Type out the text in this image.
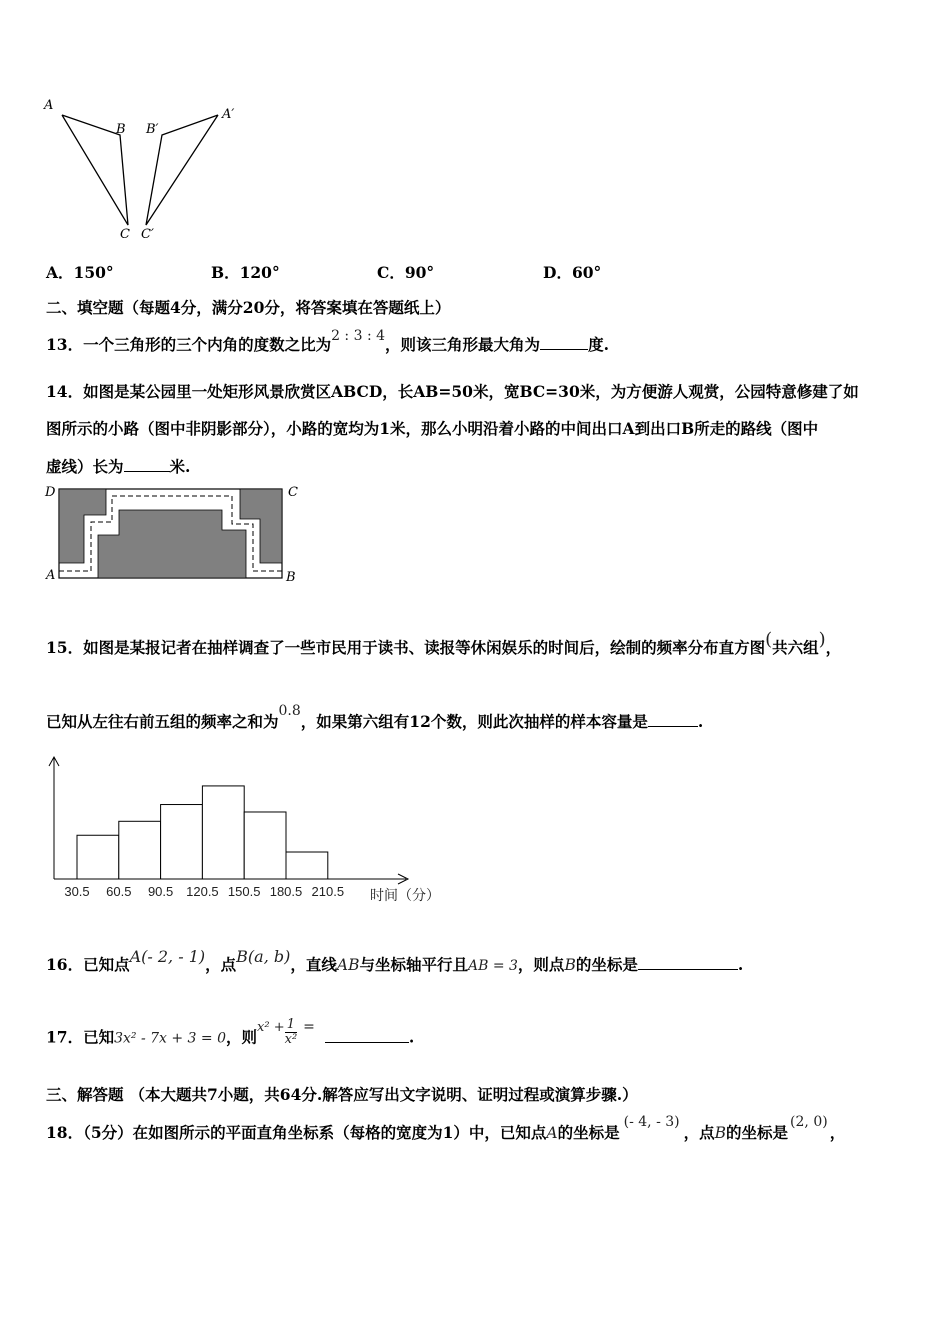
A
B
C
A′
B′
C′
A．150°	B．120°	C．90°	D．60°
二、填空题（每题4分，满分20分，将答案填在答题纸上）
13．一个三角形的三个内角的度数之比为2 : 3 : 4，则该三角形最大角为	度.
14．如图是某公园里一处矩形风景欣赏区ABCD，长AB=50米，宽BC=30米，为方便游人观赏，公园特意修建了如
图所示的小路（图中非阴影部分），小路的宽均为1米，那么小明沿着小路的中间出口A到出口B所走的路线（图中
虚线）长为	米.
D	C
A	B
15．如图是某报记者在抽样调查了一些市民用于读书、读报等休闲娱乐的时间后，绘制的频率分布直方图(共六组)，
已知从左往右前五组的频率之和为0.8，如果第六组有12个数，则此次抽样的样本容量是	.
30.5 60.5 90.5 120.5 150.5 180.5 210.5 时间（分）
16．已知点A(- 2, - 1)，点B(a, b)，直线AB与坐标轴平行且AB = 3，则点B的坐标是	.
17．已知3x² - 7x + 3 = 0，则$^{x^2 +} \frac{1}{\text{x²}}$ =.
三、解答题 （本大题共7小题，共64分.解答应写出文字说明、证明过程或演算步骤.）
18．（5分）在如图所示的平面直角坐标系（每格的宽度为1）中，已知点A的坐标是(- 4, - 3)，点B的坐标是(2, 0)，
